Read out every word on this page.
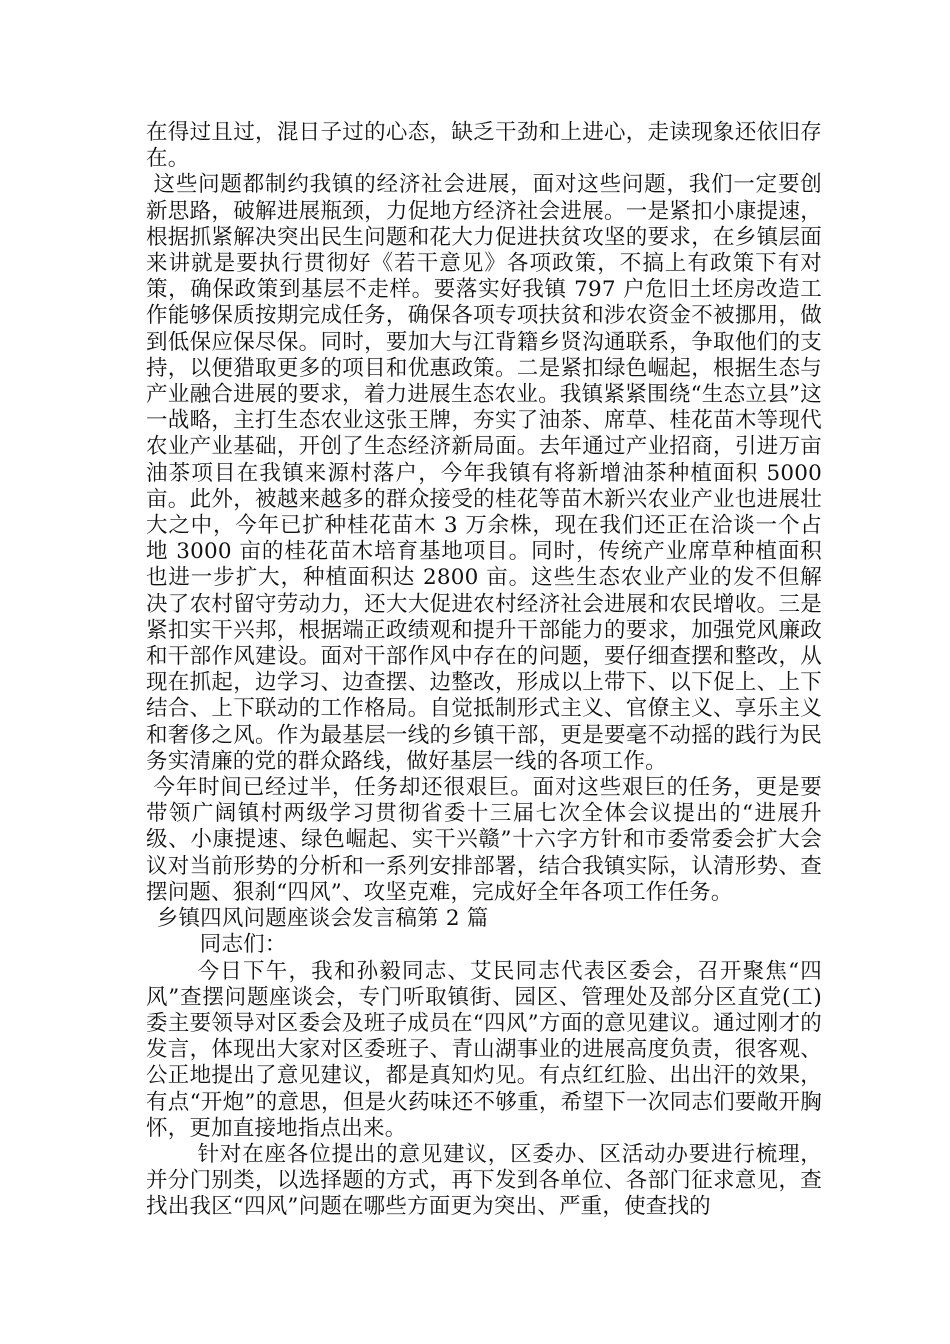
在得过且过，混日子过的心态，缺乏干劲和上进心，走读现象还依旧存在。

这些问题都制约我镇的经济社会进展，面对这些问题，我们一定要创新思路，破解进展瓶颈，力促地方经济社会进展。一是紧扣小康提速，根据抓紧解决突出民生问题和花大力促进扶贫攻坚的要求，在乡镇层面来讲就是要执行贯彻好《若干意见》各项政策，不搞上有政策下有对策，确保政策到基层不走样。要落实好我镇 797 户危旧土坯房改造工作能够保质按期完成任务，确保各项专项扶贫和涉农资金不被挪用，做到低保应保尽保。同时，要加大与江背籍乡贤沟通联系，争取他们的支持，以便猎取更多的项目和优惠政策。二是紧扣绿色崛起，根据生态与产业融合进展的要求，着力进展生态农业。我镇紧紧围绕“生态立县”这一战略，主打生态农业这张王牌，夯实了油茶、席草、桂花苗木等现代农业产业基础，开创了生态经济新局面。去年通过产业招商，引进万亩油茶项目在我镇来源村落户，今年我镇有将新增油茶种植面积 5000 亩。此外，被越来越多的群众接受的桂花等苗木新兴农业产业也进展壮大之中，今年已扩种桂花苗木 3 万余株，现在我们还正在洽谈一个占地 3000 亩的桂花苗木培育基地项目。同时，传统产业席草种植面积也进一步扩大，种植面积达 2800 亩。这些生态农业产业的发不但解决了农村留守劳动力，还大大促进农村经济社会进展和农民增收。三是紧扣实干兴邦，根据端正政绩观和提升干部能力的要求，加强党风廉政和干部作风建设。面对干部作风中存在的问题，要仔细查摆和整改，从现在抓起，边学习、边查摆、边整改，形成以上带下、以下促上、上下结合、上下联动的工作格局。自觉抵制形式主义、官僚主义、享乐主义和奢侈之风。作为最基层一线的乡镇干部，更是要毫不动摇的践行为民务实清廉的党的群众路线，做好基层一线的各项工作。

今年时间已经过半，任务却还很艰巨。面对这些艰巨的任务，更是要带领广阔镇村两级学习贯彻省委十三届七次全体会议提出的“进展升级、小康提速、绿色崛起、实干兴赣”十六字方针和市委常委会扩大会议对当前形势的分析和一系列安排部署，结合我镇实际，认清形势、查摆问题、狠刹“四风”、攻坚克难，完成好全年各项工作任务。

乡镇四风问题座谈会发言稿第 2 篇

同志们：

今日下午，我和孙毅同志、艾民同志代表区委会，召开聚焦“四风”查摆问题座谈会，专门听取镇街、园区、管理处及部分区直党(工)委主要领导对区委会及班子成员在“四风”方面的意见建议。通过刚才的发言，体现出大家对区委班子、青山湖事业的进展高度负责，很客观、公正地提出了意见建议，都是真知灼见。有点红红脸、出出汗的效果，有点“开炮”的意思，但是火药味还不够重，希望下一次同志们要敞开胸怀，更加直接地指点出来。

针对在座各位提出的意见建议，区委办、区活动办要进行梳理，并分门别类，以选择题的方式，再下发到各单位、各部门征求意见，查找出我区“四风”问题在哪些方面更为突出、严重，使查找的
